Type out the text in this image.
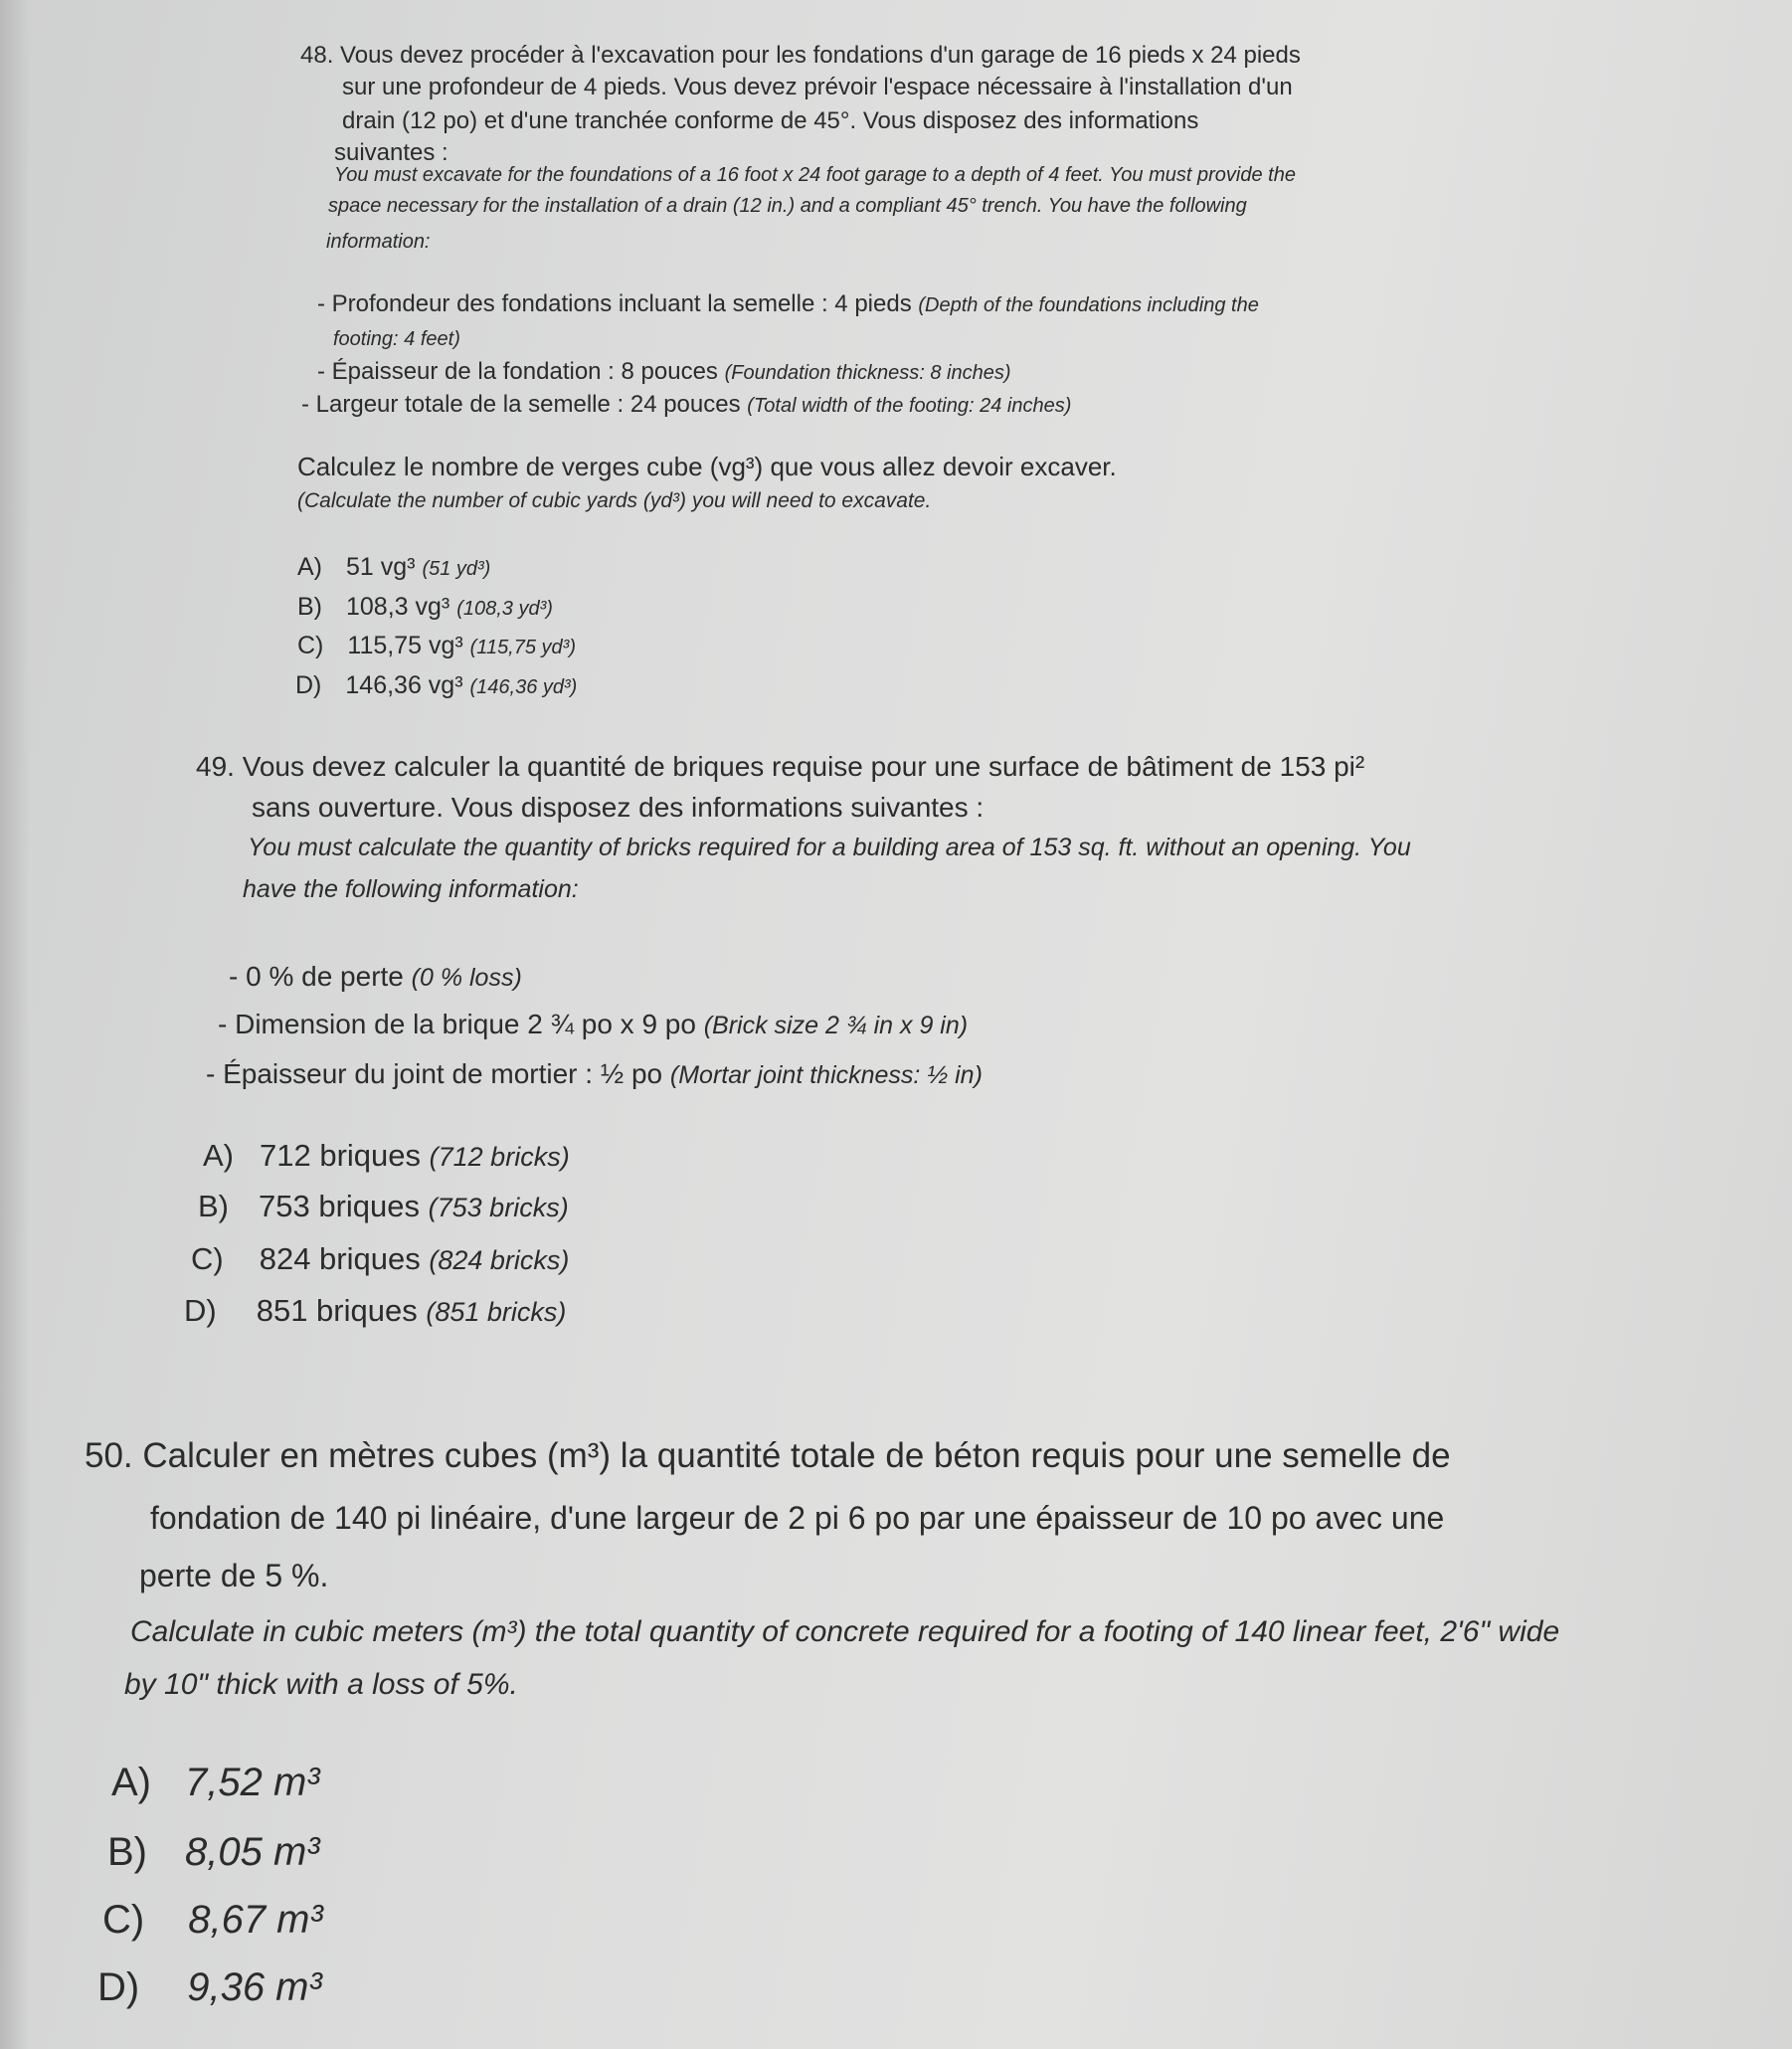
48. Vous devez procéder à l'excavation pour les fondations d'un garage de 16 pieds x 24 pieds
sur une profondeur de 4 pieds. Vous devez prévoir l'espace nécessaire à l'installation d'un
drain (12 po) et d'une tranchée conforme de 45°. Vous disposez des informations
suivantes :
You must excavate for the foundations of a 16 foot x 24 foot garage to a depth of 4 feet. You must provide the
space necessary for the installation of a drain (12 in.) and a compliant 45° trench. You have the following
information:
- Profondeur des fondations incluant la semelle : 4 pieds (Depth of the foundations including the
footing: 4 feet)
- Épaisseur de la fondation : 8 pouces (Foundation thickness: 8 inches)
- Largeur totale de la semelle : 24 pouces (Total width of the footing: 24 inches)
Calculez le nombre de verges cube (vg³) que vous allez devoir excaver.
(Calculate the number of cubic yards (yd³) you will need to excavate.
A) 51 vg³ (51 yd³)
B) 108,3 vg³ (108,3 yd³)
C) 115,75 vg³ (115,75 yd³)
D) 146,36 vg³ (146,36 yd³)
49. Vous devez calculer la quantité de briques requise pour une surface de bâtiment de 153 pi²
sans ouverture. Vous disposez des informations suivantes :
You must calculate the quantity of bricks required for a building area of 153 sq. ft. without an opening. You
have the following information:
- 0 % de perte (0 % loss)
- Dimension de la brique 2 ¾ po x 9 po (Brick size 2 ¾ in x 9 in)
- Épaisseur du joint de mortier : ½ po (Mortar joint thickness: ½ in)
A) 712 briques (712 bricks)
B) 753 briques (753 bricks)
C) 824 briques (824 bricks)
D) 851 briques (851 bricks)
50. Calculer en mètres cubes (m³) la quantité totale de béton requis pour une semelle de
fondation de 140 pi linéaire, d'une largeur de 2 pi 6 po par une épaisseur de 10 po avec une
perte de 5 %.
Calculate in cubic meters (m³) the total quantity of concrete required for a footing of 140 linear feet, 2'6" wide
by 10" thick with a loss of 5%.
A) 7,52 m³
B) 8,05 m³
C) 8,67 m³
D) 9,36 m³
